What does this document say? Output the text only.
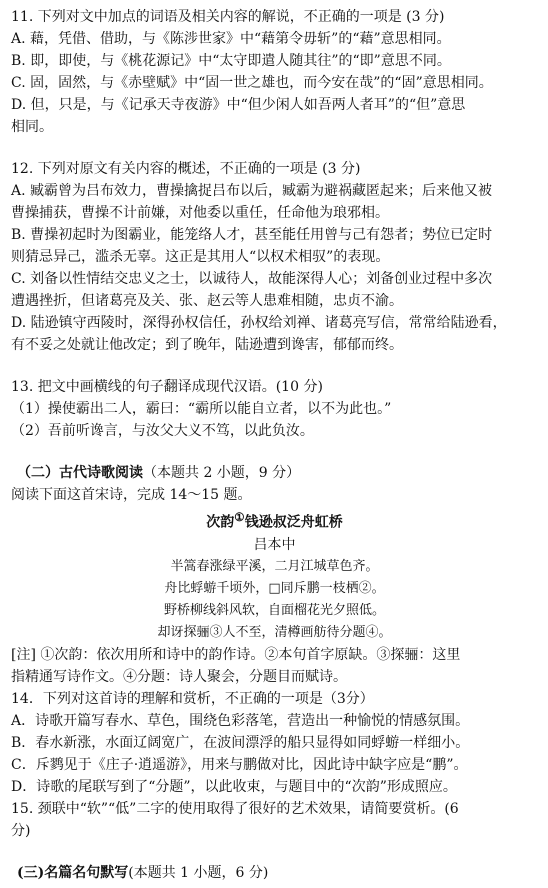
11. 下列对文中加点的词语及相关内容的解说，不正确的一项是 (3 分)

A. 藉，凭借、借助，与《陈涉世家》中“藉第令毋斩”的“藉”意思相同。

B. 即，即使，与《桃花源记》中“太守即遣人随其往”的“即”意思不同。

C. 固，固然，与《赤壁赋》中“固一世之雄也，而今安在哉”的“固”意思相同。

D. 但，只是，与《记承天寺夜游》中“但少闲人如吾两人者耳”的“但”意思

相同。

12. 下列对原文有关内容的概述，不正确的一项是 (3 分)

A. 臧霸曾为吕布效力，曹操擒捉吕布以后，臧霸为避祸藏匿起来；后来他又被

曹操捕获，曹操不计前嫌，对他委以重任，任命他为琅邪相。

B. 曹操初起时为图霸业，能笼络人才，甚至能任用曾与己有怨者；势位已定时

则猜忌异己，滥杀无辜。这正是其用人“以权术相驭”的表现。

C. 刘备以性情结交忠义之士，以诚待人，故能深得人心；刘备创业过程中多次

遭遇挫折，但诸葛亮及关、张、赵云等人患难相随，忠贞不渝。

D. 陆逊镇守西陵时，深得孙权信任，孙权给刘禅、诸葛亮写信，常常给陆逊看，

有不妥之处就让他改定；到了晚年，陆逊遭到谗害，郁郁而终。

13. 把文中画横线的句子翻译成现代汉语。(10 分)

（1）操使霸出二人，霸曰：“霸所以能自立者，以不为此也。”

（2）吾前听谗言，与汝父大义不笃，以此负汝。

（二）古代诗歌阅读（本题共 2 小题，9 分）

阅读下面这首宋诗，完成 14～15 题。

次韵①钱逊叔泛舟虹桥

吕本中

半篙春涨绿平溪，二月江城草色齐。

舟比蜉蝣千顷外，□同斥鹏一枝栖②。

野桥柳线斜风软，自面榴花光夕照低。

却讶探骊③人不至，清樽画舫待分题④。

[注] ①次韵：依次用所和诗中的韵作诗。②本句首字原缺。③探骊：这里

指精通写诗作文。④分题：诗人聚会，分题目而赋诗。

14．下列对这首诗的理解和赏析，不正确的一项是（3分）

A．诗歌开篇写春水、草色，围绕色彩落笔，营造出一种愉悦的情感氛围。

B．春水新涨，水面辽阔宽广，在波间漂浮的船只显得如同蜉蝣一样细小。

C．斥鹨见于《庄子·逍遥游》，用来与鹏做对比，因此诗中缺字应是“鹏”。

D．诗歌的尾联写到了“分题”，以此收束，与题目中的“次韵”形成照应。

15. 颈联中“软”“低”二字的使用取得了很好的艺术效果，请简要赏析。(6

分)

(三)名篇名句默写(本题共 1 小题，6 分)
